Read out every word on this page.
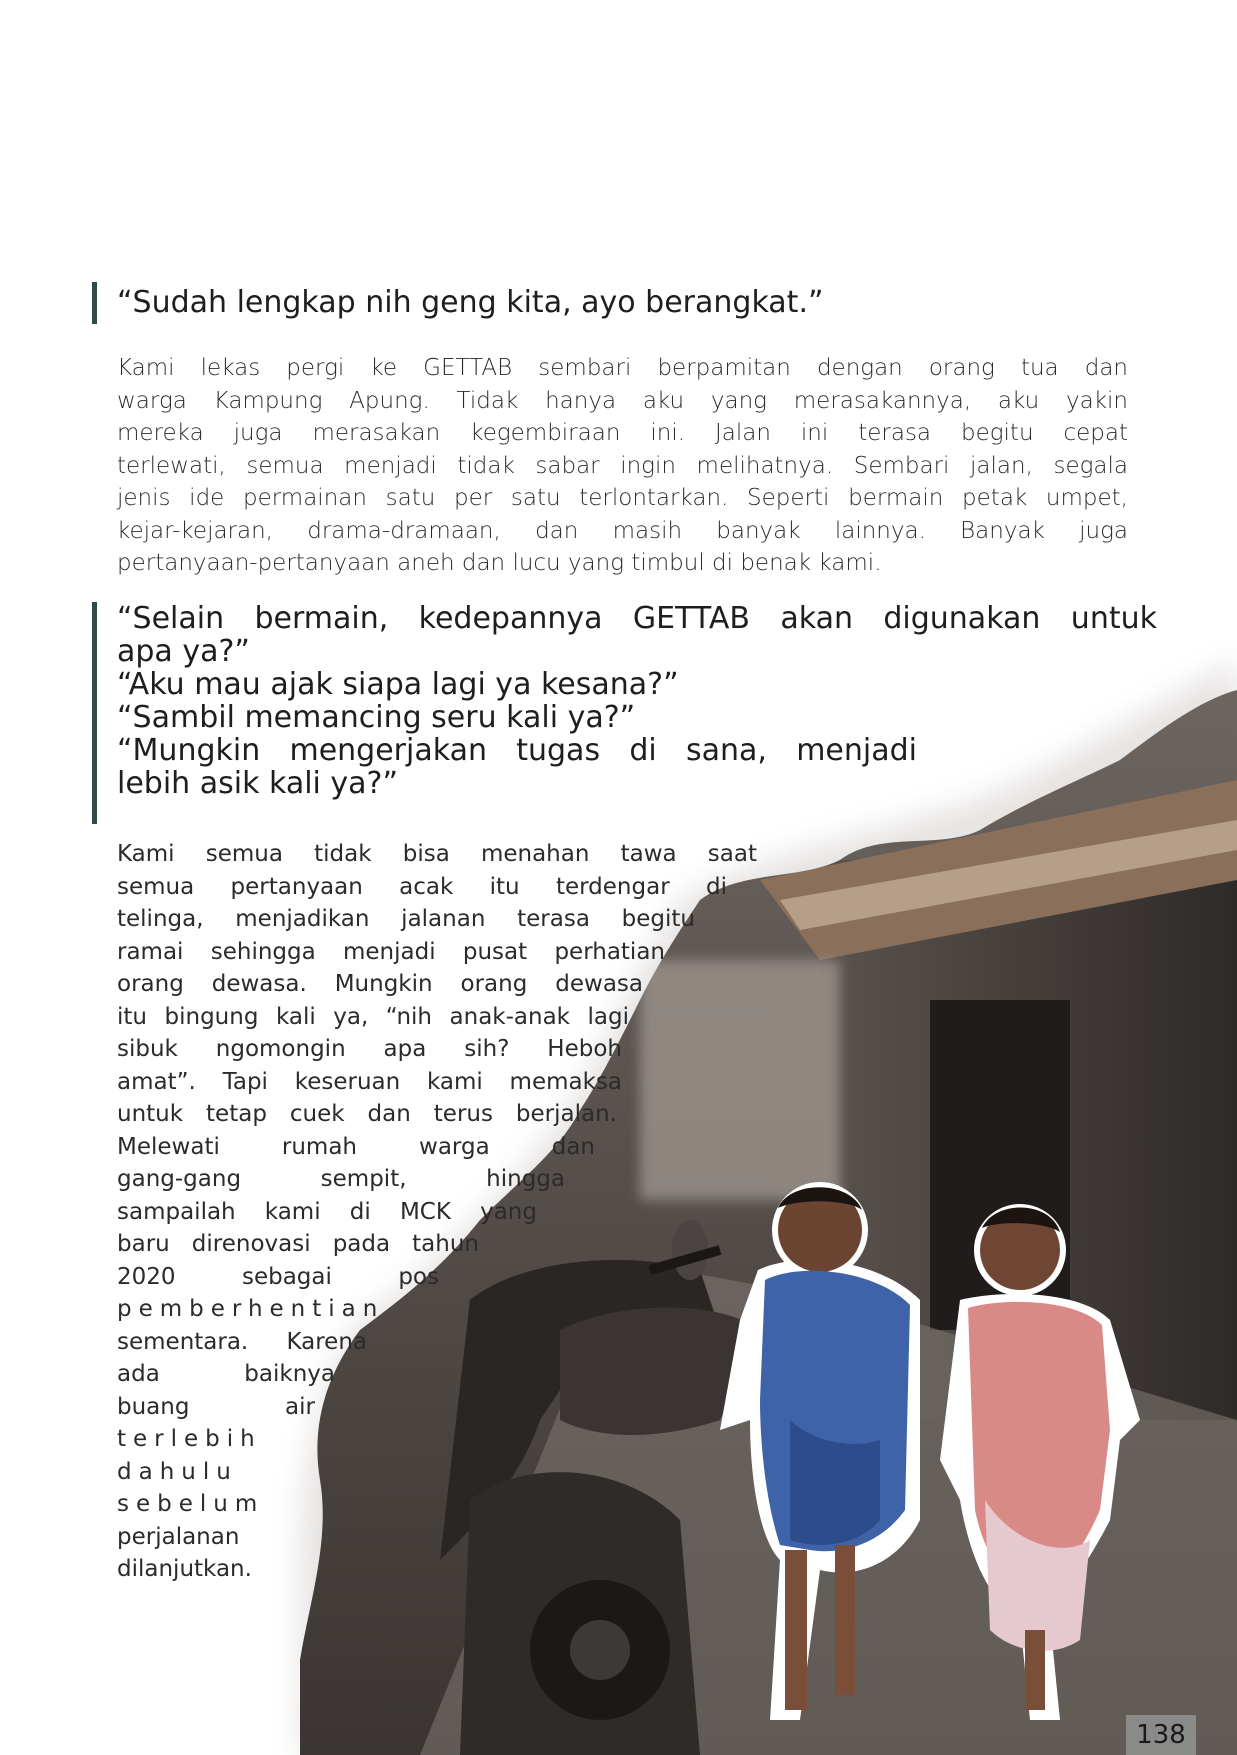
“Sudah lengkap nih geng kita, ayo berangkat.”
Kami lekas pergi ke GETTAB sembari berpamitan dengan orang tua dan
warga Kampung Apung. Tidak hanya aku yang merasakannya, aku yakin
mereka juga merasakan kegembiraan ini. Jalan ini terasa begitu cepat
terlewati, semua menjadi tidak sabar ingin melihatnya. Sembari jalan, segala
jenis ide permainan satu per satu terlontarkan. Seperti bermain petak umpet,
kejar-kejaran, drama-dramaan, dan masih banyak lainnya. Banyak juga
pertanyaan-pertanyaan aneh dan lucu yang timbul di benak kami.
“Selain bermain, kedepannya GETTAB akan digunakan untuk
apa ya?”
“Aku mau ajak siapa lagi ya kesana?”
“Sambil memancing seru kali ya?”
“Mungkin mengerjakan tugas di sana, menjadi
lebih asik kali ya?”
Kami semua tidak bisa menahan tawa saat
semua pertanyaan acak itu terdengar di
telinga, menjadikan jalanan terasa begitu
ramai sehingga menjadi pusat perhatian
orang dewasa. Mungkin orang dewasa
itu bingung kali ya, “nih anak-anak lagi
sibuk ngomongin apa sih? Heboh
amat”. Tapi keseruan kami memaksa
untuk tetap cuek dan terus berjalan.
Melewati rumah warga dan
gang-gang sempit, hingga
sampailah kami di MCK yang
baru direnovasi pada tahun
2020 sebagai pos
pemberhentian
sementara. Karena
ada baiknya
buang air
terlebih
dahulu
sebelum
perjalanan
dilanjutkan.
138
